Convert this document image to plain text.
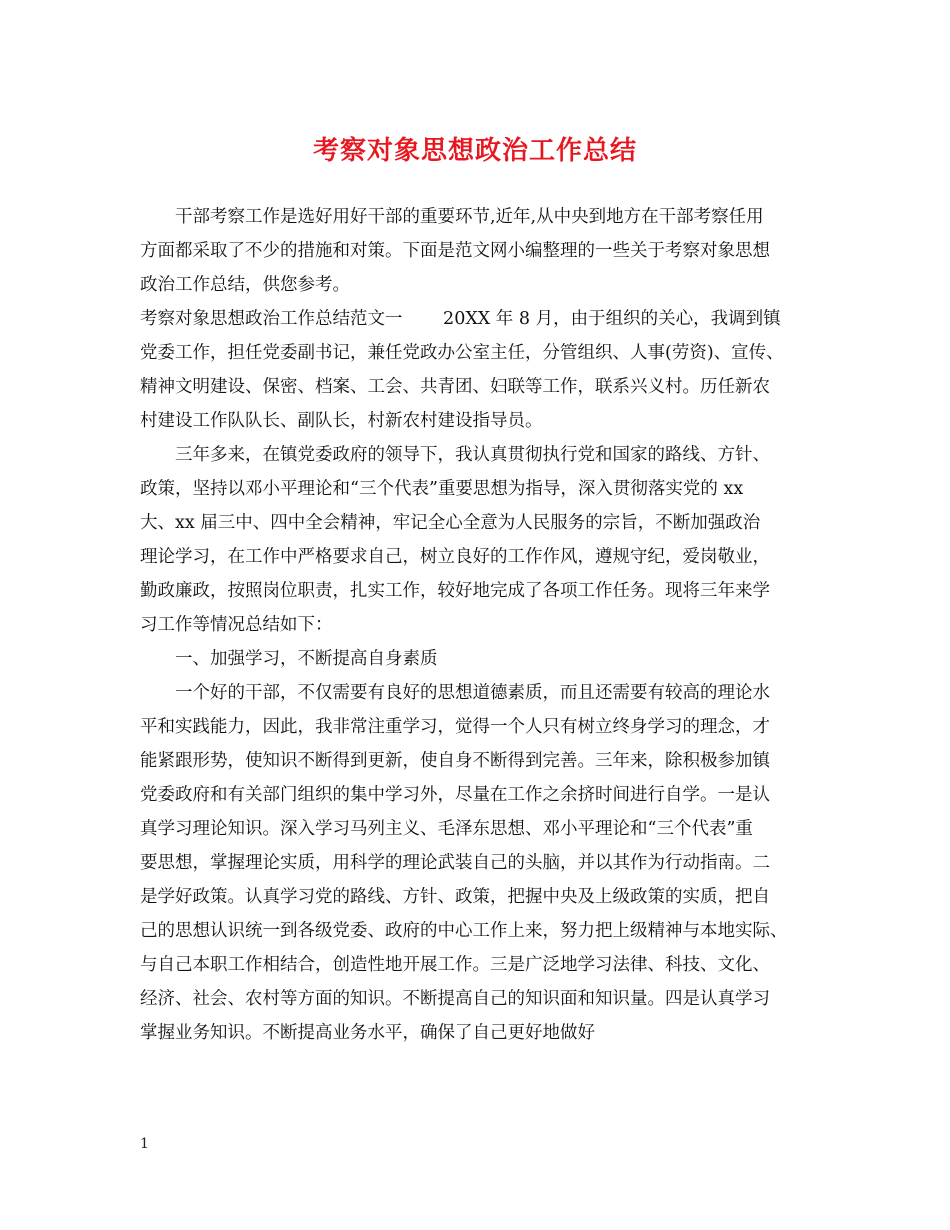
考察对象思想政治工作总结
　　干部考察工作是选好用好干部的重要环节,近年,从中央到地方在干部考察任用
方面都采取了不少的措施和对策。下面是范文网小编整理的一些关于考察对象思想
政治工作总结，供您参考。
考察对象思想政治工作总结范文一　　 20XX 年 8 月，由于组织的关心，我调到镇
党委工作，担任党委副书记，兼任党政办公室主任，分管组织、人事(劳资)、宣传、
精神文明建设、保密、档案、工会、共青团、妇联等工作，联系兴义村。历任新农
村建设工作队队长、副队长，村新农村建设指导员。
　　三年多来，在镇党委政府的领导下，我认真贯彻执行党和国家的路线、方针、
政策，坚持以邓小平理论和“三个代表”重要思想为指导，深入贯彻落实党的 xx
大、xx 届三中、四中全会精神，牢记全心全意为人民服务的宗旨，不断加强政治
理论学习，在工作中严格要求自己，树立良好的工作作风，遵规守纪，爱岗敬业，
勤政廉政，按照岗位职责，扎实工作，较好地完成了各项工作任务。现将三年来学
习工作等情况总结如下：
　　一、加强学习，不断提高自身素质
　　一个好的干部，不仅需要有良好的思想道德素质，而且还需要有较高的理论水
平和实践能力，因此，我非常注重学习，觉得一个人只有树立终身学习的理念，才
能紧跟形势，使知识不断得到更新，使自身不断得到完善。三年来，除积极参加镇
党委政府和有关部门组织的集中学习外，尽量在工作之余挤时间进行自学。一是认
真学习理论知识。深入学习马列主义、毛泽东思想、邓小平理论和“三个代表”重
要思想，掌握理论实质，用科学的理论武装自己的头脑，并以其作为行动指南。二
是学好政策。认真学习党的路线、方针、政策，把握中央及上级政策的实质，把自
己的思想认识统一到各级党委、政府的中心工作上来，努力把上级精神与本地实际、
与自己本职工作相结合，创造性地开展工作。三是广泛地学习法律、科技、文化、
经济、社会、农村等方面的知识。不断提高自己的知识面和知识量。四是认真学习
掌握业务知识。不断提高业务水平，确保了自己更好地做好
1
